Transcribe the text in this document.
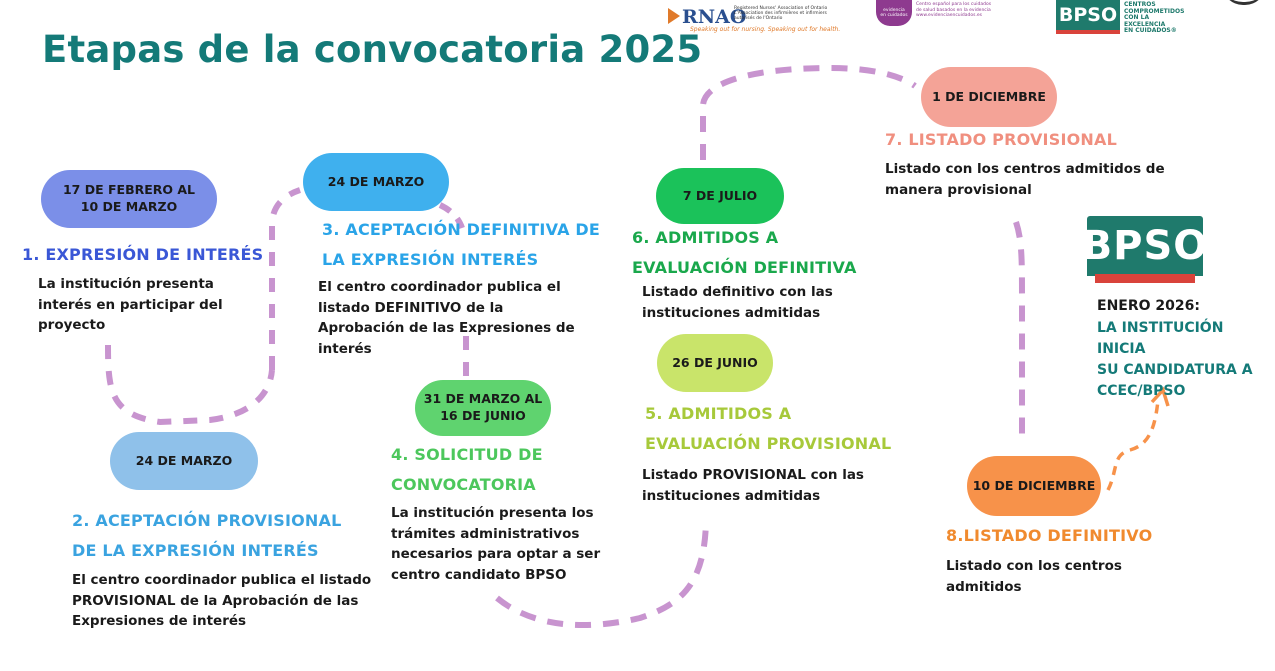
Etapas de la convocatoria 2025
RNAO
Registered Nurses' Association of Ontario
L'Association des infirmières et infirmiers
autorisés de l'Ontario
Speaking out for nursing. Speaking out for health.
evidencia
en cuidados
Centro español para los cuidados
de salud basados en la evidencia
www.evidenciaencuidados.es	BPSO	CENTROS
COMPROMETIDOS
CON LA
EXCELENCIA
EN CUIDADOS®
17 DE FEBRERO AL
10 DE MARZO
1. EXPRESIÓN DE INTERÉS
La institución presenta
interés en participar del
proyecto
24 DE MARZO
2. ACEPTACIÓN PROVISIONAL
DE LA EXPRESIÓN INTERÉS
El centro coordinador publica el listado
PROVISIONAL de la Aprobación de las
Expresiones de interés
24 DE MARZO
3. ACEPTACIÓN DEFINITIVA DE
LA EXPRESIÓN INTERÉS
El centro coordinador publica el
listado DEFINITIVO de la
Aprobación de las Expresiones de
interés
31 DE MARZO AL
16 DE JUNIO
4. SOLICITUD DE
CONVOCATORIA
La institución presenta los
trámites administrativos
necesarios para optar a ser
centro candidato BPSO
26 DE JUNIO
5. ADMITIDOS A
EVALUACIÓN PROVISIONAL
Listado PROVISIONAL con las
instituciones admitidas
7 DE JULIO
6. ADMITIDOS A
EVALUACIÓN DEFINITIVA
Listado definitivo con las
instituciones admitidas
1 DE DICIEMBRE
7. LISTADO PROVISIONAL
Listado con los centros admitidos de
manera provisional
10 DE DICIEMBRE
8.LISTADO DEFINITIVO
Listado con los centros
admitidos
BPSO
ENERO 2026:
LA INSTITUCIÓN INICIA
SU CANDIDATURA A
CCEC/BPSO
